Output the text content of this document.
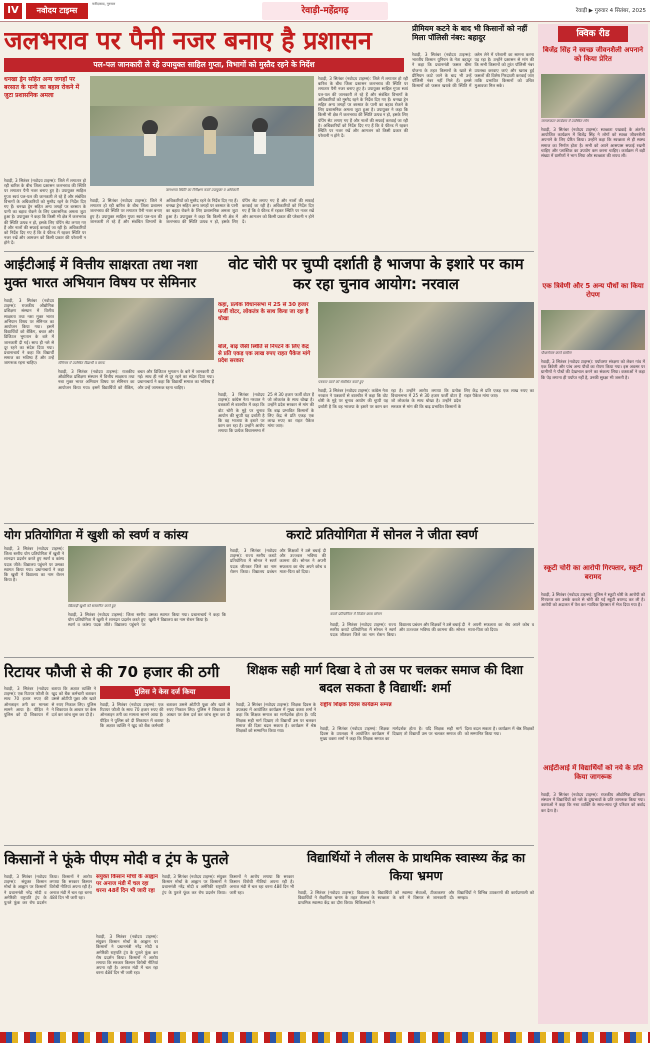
IV	नवोदय टाइम्स
फरीदाबाद, गुरुवार
रेवाड़ी-महेंद्रगढ़	रेवाड़ी ▶ गुरुवार 4 सितंबर, 2025
जलभराव पर पैनी नजर बनाए है प्रशासन
पल-पल जानकारी ले रहे उपायुक्त साहिल गुप्ता, विभागों को मुस्तैद रहने के निर्देश
धनखा ड्रेन सहित अन्य जगहों पर बरसात के पानी का बहाव रोकने में जुटा प्रशासनिक अमला
रेवाड़ी, 3 सितंबर (नवोदय टाइम्स): जिले में लगातार हो रही बारिश के बीच जिला प्रशासन जलभराव की स्थिति पर लगातार पैनी नजर बनाए हुए है। उपायुक्त साहिल गुप्ता स्वयं पल-पल की जानकारी ले रहे हैं और संबंधित विभागों के अधिकारियों को मुस्तैद रहने के निर्देश दिए गए हैं। धनखा ड्रेन सहित अन्य जगहों पर बरसात के पानी का बहाव रोकने के लिए प्रशासनिक अमला जुटा हुआ है। उपायुक्त ने कहा कि किसी भी क्षेत्र में जलभराव की स्थिति उत्पन्न न हो, इसके लिए पंपिंग सेट लगाए गए हैं और नालों की सफाई करवाई जा रही है। अधिकारियों को निर्देश दिए गए हैं कि वे फील्ड में रहकर स्थिति पर नजर रखें और आमजन को किसी प्रकार की परेशानी न होने दें।
जलभराव स्थिति का निरीक्षण करते उपायुक्त व अधिकारी
रेवाड़ी, 3 सितंबर (नवोदय टाइम्स): जिले में लगातार हो रही बारिश के बीच जिला प्रशासन जलभराव की स्थिति पर लगातार पैनी नजर बनाए हुए है। उपायुक्त साहिल गुप्ता स्वयं पल-पल की जानकारी ले रहे हैं और संबंधित विभागों के अधिकारियों को मुस्तैद रहने के निर्देश दिए गए हैं। धनखा ड्रेन सहित अन्य जगहों पर बरसात के पानी का बहाव रोकने के लिए प्रशासनिक अमला जुटा हुआ है। उपायुक्त ने कहा कि किसी भी क्षेत्र में जलभराव की स्थिति उत्पन्न न हो, इसके लिए पंपिंग सेट लगाए गए हैं और नालों की सफाई करवाई जा रही है। अधिकारियों को निर्देश दिए गए हैं कि वे फील्ड में रहकर स्थिति पर नजर रखें और आमजन को किसी प्रकार की परेशानी न होने दें।
रेवाड़ी, 3 सितंबर (नवोदय टाइम्स): जिले में लगातार हो रही बारिश के बीच जिला प्रशासन जलभराव की स्थिति पर लगातार पैनी नजर बनाए हुए है। उपायुक्त साहिल गुप्ता स्वयं पल-पल की जानकारी ले रहे हैं और संबंधित विभागों के अधिकारियों को मुस्तैद रहने के निर्देश दिए गए हैं। धनखा ड्रेन सहित अन्य जगहों पर बरसात के पानी का बहाव रोकने के लिए प्रशासनिक अमला जुटा हुआ है। उपायुक्त ने कहा कि किसी भी क्षेत्र में जलभराव की स्थिति उत्पन्न न हो, इसके लिए पंपिंग सेट लगाए गए हैं और नालों की सफाई करवाई जा रही है। अधिकारियों को निर्देश दिए गए हैं कि वे फील्ड में रहकर स्थिति पर नजर रखें और आमजन को किसी प्रकार की परेशानी न होने दें।
प्रीमियम कटने के बाद भी किसानों को नहीं मिला पॉलिसी नंबर: बहादुर
रेवाड़ी, 3 सितंबर (नवोदय टाइम्स): भारतीय किसान यूनियन के नेता बहादुर ने कहा कि प्रधानमंत्री फसल बीमा योजना के तहत किसानों के खाते से प्रीमियम काटे जाने के बाद भी उन्हें पॉलिसी नंबर नहीं मिले हैं। इससे किसानों को फसल खराबे की स्थिति में क्लेम लेने में परेशानी का सामना करना पड़ रहा है। उन्होंने प्रशासन से मांग की कि सभी किसानों को तुरंत पॉलिसी नंबर उपलब्ध करवाए जाएं और खराब हुई फसलों की विशेष गिरदावरी करवाई जाए ताकि प्रभावित किसानों को उचित मुआवजा मिल सके।
क्विक रीड
बिजेंद्र सिंह ने स्वच्छ जीवनशैली अपनाने को किया प्रेरित
जागरूकता कार्यक्रम में उपस्थित लोग
रेवाड़ी, 3 सितंबर (नवोदय टाइम्स): स्वच्छता पखवाड़े के अंतर्गत आयोजित कार्यक्रम में बिजेंद्र सिंह ने लोगों को स्वच्छ जीवनशैली अपनाने के लिए प्रेरित किया। उन्होंने कहा कि स्वच्छता से ही स्वस्थ समाज का निर्माण होता है। सभी को अपने आसपास सफाई रखनी चाहिए और प्लास्टिक का उपयोग कम करना चाहिए। कार्यक्रम में बड़ी संख्या में ग्रामीणों ने भाग लिया और स्वच्छता की शपथ ली।
एक त्रिवेणी और 5 अन्य पौधों का किया रोपण
पौधारोपण करते ग्रामीण
रेवाड़ी, 3 सितंबर (नवोदय टाइम्स): पर्यावरण संरक्षण को लेकर गांव में एक त्रिवेणी और पांच अन्य पौधों का रोपण किया गया। इस अवसर पर ग्रामीणों ने पौधों की देखभाल करने का संकल्प लिया। वक्ताओं ने कहा कि पेड़ लगाना ही पर्याप्त नहीं है, उनकी सुरक्षा भी जरूरी है।
स्कूटी चोरी का आरोपी गिरफ्तार, स्कूटी बरामद
रेवाड़ी, 3 सितंबर (नवोदय टाइम्स): पुलिस ने स्कूटी चोरी के आरोपी को गिरफ्तार कर उसके कब्जे से चोरी की गई स्कूटी बरामद कर ली है। आरोपी को अदालत में पेश कर न्यायिक हिरासत में भेज दिया गया है।
आईटीआई में विद्यार्थियों को नये के प्रति किया जागरूक
रेवाड़ी, 3 सितंबर (नवोदय टाइम्स): राजकीय औद्योगिक प्रशिक्षण संस्थान में विद्यार्थियों को नशे के दुष्प्रभावों के प्रति जागरूक किया गया। वक्ताओं ने कहा कि नशा व्यक्ति के साथ-साथ पूरे परिवार को बर्बाद कर देता है।
आईटीआई में वित्तीय साक्षरता तथा नशा मुक्त भारत अभियान विषय पर सेमिनार
रेवाड़ी, 3 सितंबर (नवोदय टाइम्स): राजकीय औद्योगिक प्रशिक्षण संस्थान में वित्तीय साक्षरता तथा नशा मुक्त भारत अभियान विषय पर सेमिनार का आयोजन किया गया। इसमें विद्यार्थियों को बैंकिंग, बचत और डिजिटल भुगतान के बारे में जानकारी दी गई। साथ ही नशे से दूर रहने का संदेश दिया गया। प्रधानाचार्य ने कहा कि विद्यार्थी समाज का भविष्य हैं और उन्हें जागरूक रहना चाहिए।	सेमिनार में उपस्थित विद्यार्थी व स्टाफ
रेवाड़ी, 3 सितंबर (नवोदय टाइम्स): राजकीय औद्योगिक प्रशिक्षण संस्थान में वित्तीय साक्षरता तथा नशा मुक्त भारत अभियान विषय पर सेमिनार का आयोजन किया गया। इसमें विद्यार्थियों को बैंकिंग, बचत और डिजिटल भुगतान के बारे में जानकारी दी गई। साथ ही नशे से दूर रहने का संदेश दिया गया। प्रधानाचार्य ने कहा कि विद्यार्थी समाज का भविष्य हैं और उन्हें जागरूक रहना चाहिए।
वोट चोरी पर चुप्पी दर्शाती है भाजपा के इशारे पर काम कर रहा चुनाव आयोग: नरवाल
कहा, प्रत्येक विधानसभा में 25 से 30 हजार फर्जी वोटर, लोकतंत्र के साथ किया जा रहा है धोखा
बोले, बाढ़ जैसी स्थिति से निपटने के लिए केंद्र से प्रति एकड़ एक लाख रुपए राहत पैकेज मांगे प्रदेश सरकार
रेवाड़ी, 3 सितंबर (नवोदय टाइम्स): कांग्रेस नेता नरवाल ने पत्रकारों से बातचीत में कहा कि वोट चोरी के मुद्दे पर चुनाव आयोग की चुप्पी यह दर्शाती है कि वह भाजपा के इशारे पर काम कर रहा है। उन्होंने आरोप लगाया कि प्रत्येक विधानसभा में 25 से 30 हजार फर्जी वोटर हैं जो लोकतंत्र के साथ धोखा है। उन्होंने प्रदेश सरकार से मांग की कि बाढ़ प्रभावित किसानों के लिए केंद्र से प्रति एकड़ एक लाख रुपए का राहत पैकेज मांगा जाए।
पत्रकार वार्ता को संबोधित करते हुए
रेवाड़ी, 3 सितंबर (नवोदय टाइम्स): कांग्रेस नेता नरवाल ने पत्रकारों से बातचीत में कहा कि वोट चोरी के मुद्दे पर चुनाव आयोग की चुप्पी यह दर्शाती है कि वह भाजपा के इशारे पर काम कर रहा है। उन्होंने आरोप लगाया कि प्रत्येक विधानसभा में 25 से 30 हजार फर्जी वोटर हैं जो लोकतंत्र के साथ धोखा है। उन्होंने प्रदेश सरकार से मांग की कि बाढ़ प्रभावित किसानों के लिए केंद्र से प्रति एकड़ एक लाख रुपए का राहत पैकेज मांगा जाए।
योग प्रतियोगिता में खुशी को स्वर्ण व कांस्य
रेवाड़ी, 3 सितंबर (नवोदय टाइम्स): जिला स्तरीय योग प्रतियोगिता में खुशी ने शानदार प्रदर्शन करते हुए स्वर्ण व कांस्य पदक जीते। विद्यालय पहुंचने पर उसका स्वागत किया गया। प्रधानाचार्य ने कहा कि खुशी ने विद्यालय का नाम रोशन किया है।
खिलाड़ी खुशी को सम्मानित करते हुए
रेवाड़ी, 3 सितंबर (नवोदय टाइम्स): जिला स्तरीय योग प्रतियोगिता में खुशी ने शानदार प्रदर्शन करते हुए स्वर्ण व कांस्य पदक जीते। विद्यालय पहुंचने पर उसका स्वागत किया गया। प्रधानाचार्य ने कहा कि खुशी ने विद्यालय का नाम रोशन किया है।
कराटे प्रतियोगिता में सोनल ने जीता स्वर्ण
रेवाड़ी, 3 सितंबर (नवोदय टाइम्स): राज्य स्तरीय कराटे प्रतियोगिता में सोनल ने स्वर्ण पदक जीतकर जिले का नाम रोशन किया। विद्यालय प्रबंधन और शिक्षकों ने उसे बधाई दी और उज्ज्वल भविष्य की कामना की। सोनल ने अपनी सफलता का श्रेय अपने कोच व माता-पिता को दिया।
कराटे प्रतियोगिता में विजेता छात्रा सोनल
रेवाड़ी, 3 सितंबर (नवोदय टाइम्स): राज्य स्तरीय कराटे प्रतियोगिता में सोनल ने स्वर्ण पदक जीतकर जिले का नाम रोशन किया। विद्यालय प्रबंधन और शिक्षकों ने उसे बधाई दी और उज्ज्वल भविष्य की कामना की। सोनल ने अपनी सफलता का श्रेय अपने कोच व माता-पिता को दिया।
रिटायर फौजी से की 70 हजार की ठगी
पुलिस ने केस दर्ज किया
रेवाड़ी, 3 सितंबर (नवोदय टाइम्स): एक रिटायर फौजी के साथ 70 हजार रुपए की ऑनलाइन ठगी का मामला सामने आया है। पीड़ित ने पुलिस को दी शिकायत में बताया कि अज्ञात व्यक्ति ने खुद को बैंक कर्मचारी बताकर उससे ओटीपी पूछा और खाते से रुपए निकाल लिए। पुलिस ने शिकायत के आधार पर केस दर्ज कर जांच शुरू कर दी है।
रेवाड़ी, 3 सितंबर (नवोदय टाइम्स): एक रिटायर फौजी के साथ 70 हजार रुपए की ऑनलाइन ठगी का मामला सामने आया है। पीड़ित ने पुलिस को दी शिकायत में बताया कि अज्ञात व्यक्ति ने खुद को बैंक कर्मचारी बताकर उससे ओटीपी पूछा और खाते से रुपए निकाल लिए। पुलिस ने शिकायत के आधार पर केस दर्ज कर जांच शुरू कर दी है।
शिक्षक सही मार्ग दिखा दे तो उस पर चलकर समाज की दिशा बदल सकता है विद्यार्थी: शर्मा
रेवाड़ी, 3 सितंबर (नवोदय टाइम्स): शिक्षक दिवस के उपलक्ष्य में आयोजित कार्यक्रम में मुख्य वक्ता शर्मा ने कहा कि शिक्षक समाज का मार्गदर्शक होता है। यदि शिक्षक सही मार्ग दिखाए तो विद्यार्थी उस पर चलकर समाज की दिशा बदल सकता है। कार्यक्रम में श्रेष्ठ शिक्षकों को सम्मानित किया गया।
राष्ट्रीय शिक्षक दिवस कार्यक्रम सम्पन्न
रेवाड़ी, 3 सितंबर (नवोदय टाइम्स): शिक्षक दिवस के उपलक्ष्य में आयोजित कार्यक्रम में मुख्य वक्ता शर्मा ने कहा कि शिक्षक समाज का मार्गदर्शक होता है। यदि शिक्षक सही मार्ग दिखाए तो विद्यार्थी उस पर चलकर समाज की दिशा बदल सकता है। कार्यक्रम में श्रेष्ठ शिक्षकों को सम्मानित किया गया।
किसानों ने फूंके पीएम मोदी व ट्रंप के पुतले
रेवाड़ी, 3 सितंबर (नवोदय टाइम्स): संयुक्त किसान मोर्चा के आह्वान पर किसानों ने प्रधानमंत्री नरेंद्र मोदी व अमेरिकी राष्ट्रपति ट्रंप के पुतले फूंक कर रोष प्रदर्शन किया। किसानों ने आरोप लगाया कि सरकार किसान विरोधी नीतियां अपना रही है। अनाज मंडी में चल रहा धरना 48वें दिन भी जारी रहा।
संयुक्त किसान मोर्चा के आह्वान पर अनाज मंडी में चल रहा धरना 48वें दिन भी जारी रहा
रेवाड़ी, 3 सितंबर (नवोदय टाइम्स): संयुक्त किसान मोर्चा के आह्वान पर किसानों ने प्रधानमंत्री नरेंद्र मोदी व अमेरिकी राष्ट्रपति ट्रंप के पुतले फूंक कर रोष प्रदर्शन किया। किसानों ने आरोप लगाया कि सरकार किसान विरोधी नीतियां अपना रही है। अनाज मंडी में चल रहा धरना 48वें दिन भी जारी रहा।
रेवाड़ी, 3 सितंबर (नवोदय टाइम्स): संयुक्त किसान मोर्चा के आह्वान पर किसानों ने प्रधानमंत्री नरेंद्र मोदी व अमेरिकी राष्ट्रपति ट्रंप के पुतले फूंक कर रोष प्रदर्शन किया। किसानों ने आरोप लगाया कि सरकार किसान विरोधी नीतियां अपना रही है। अनाज मंडी में चल रहा धरना 48वें दिन भी जारी रहा।
विद्यार्थियों ने लीलस के प्राथमिक स्वास्थ्य केंद्र का किया भ्रमण
रेवाड़ी, 3 सितंबर (नवोदय टाइम्स): विद्यालय के विद्यार्थियों ने शैक्षणिक भ्रमण के तहत लीलस के प्राथमिक स्वास्थ्य केंद्र का दौरा किया। चिकित्सकों ने विद्यार्थियों को स्वास्थ्य सेवाओं, टीकाकरण और स्वच्छता के बारे में विस्तार से जानकारी दी। विद्यार्थियों ने विभिन्न उपकरणों की कार्यप्रणाली को समझा।
